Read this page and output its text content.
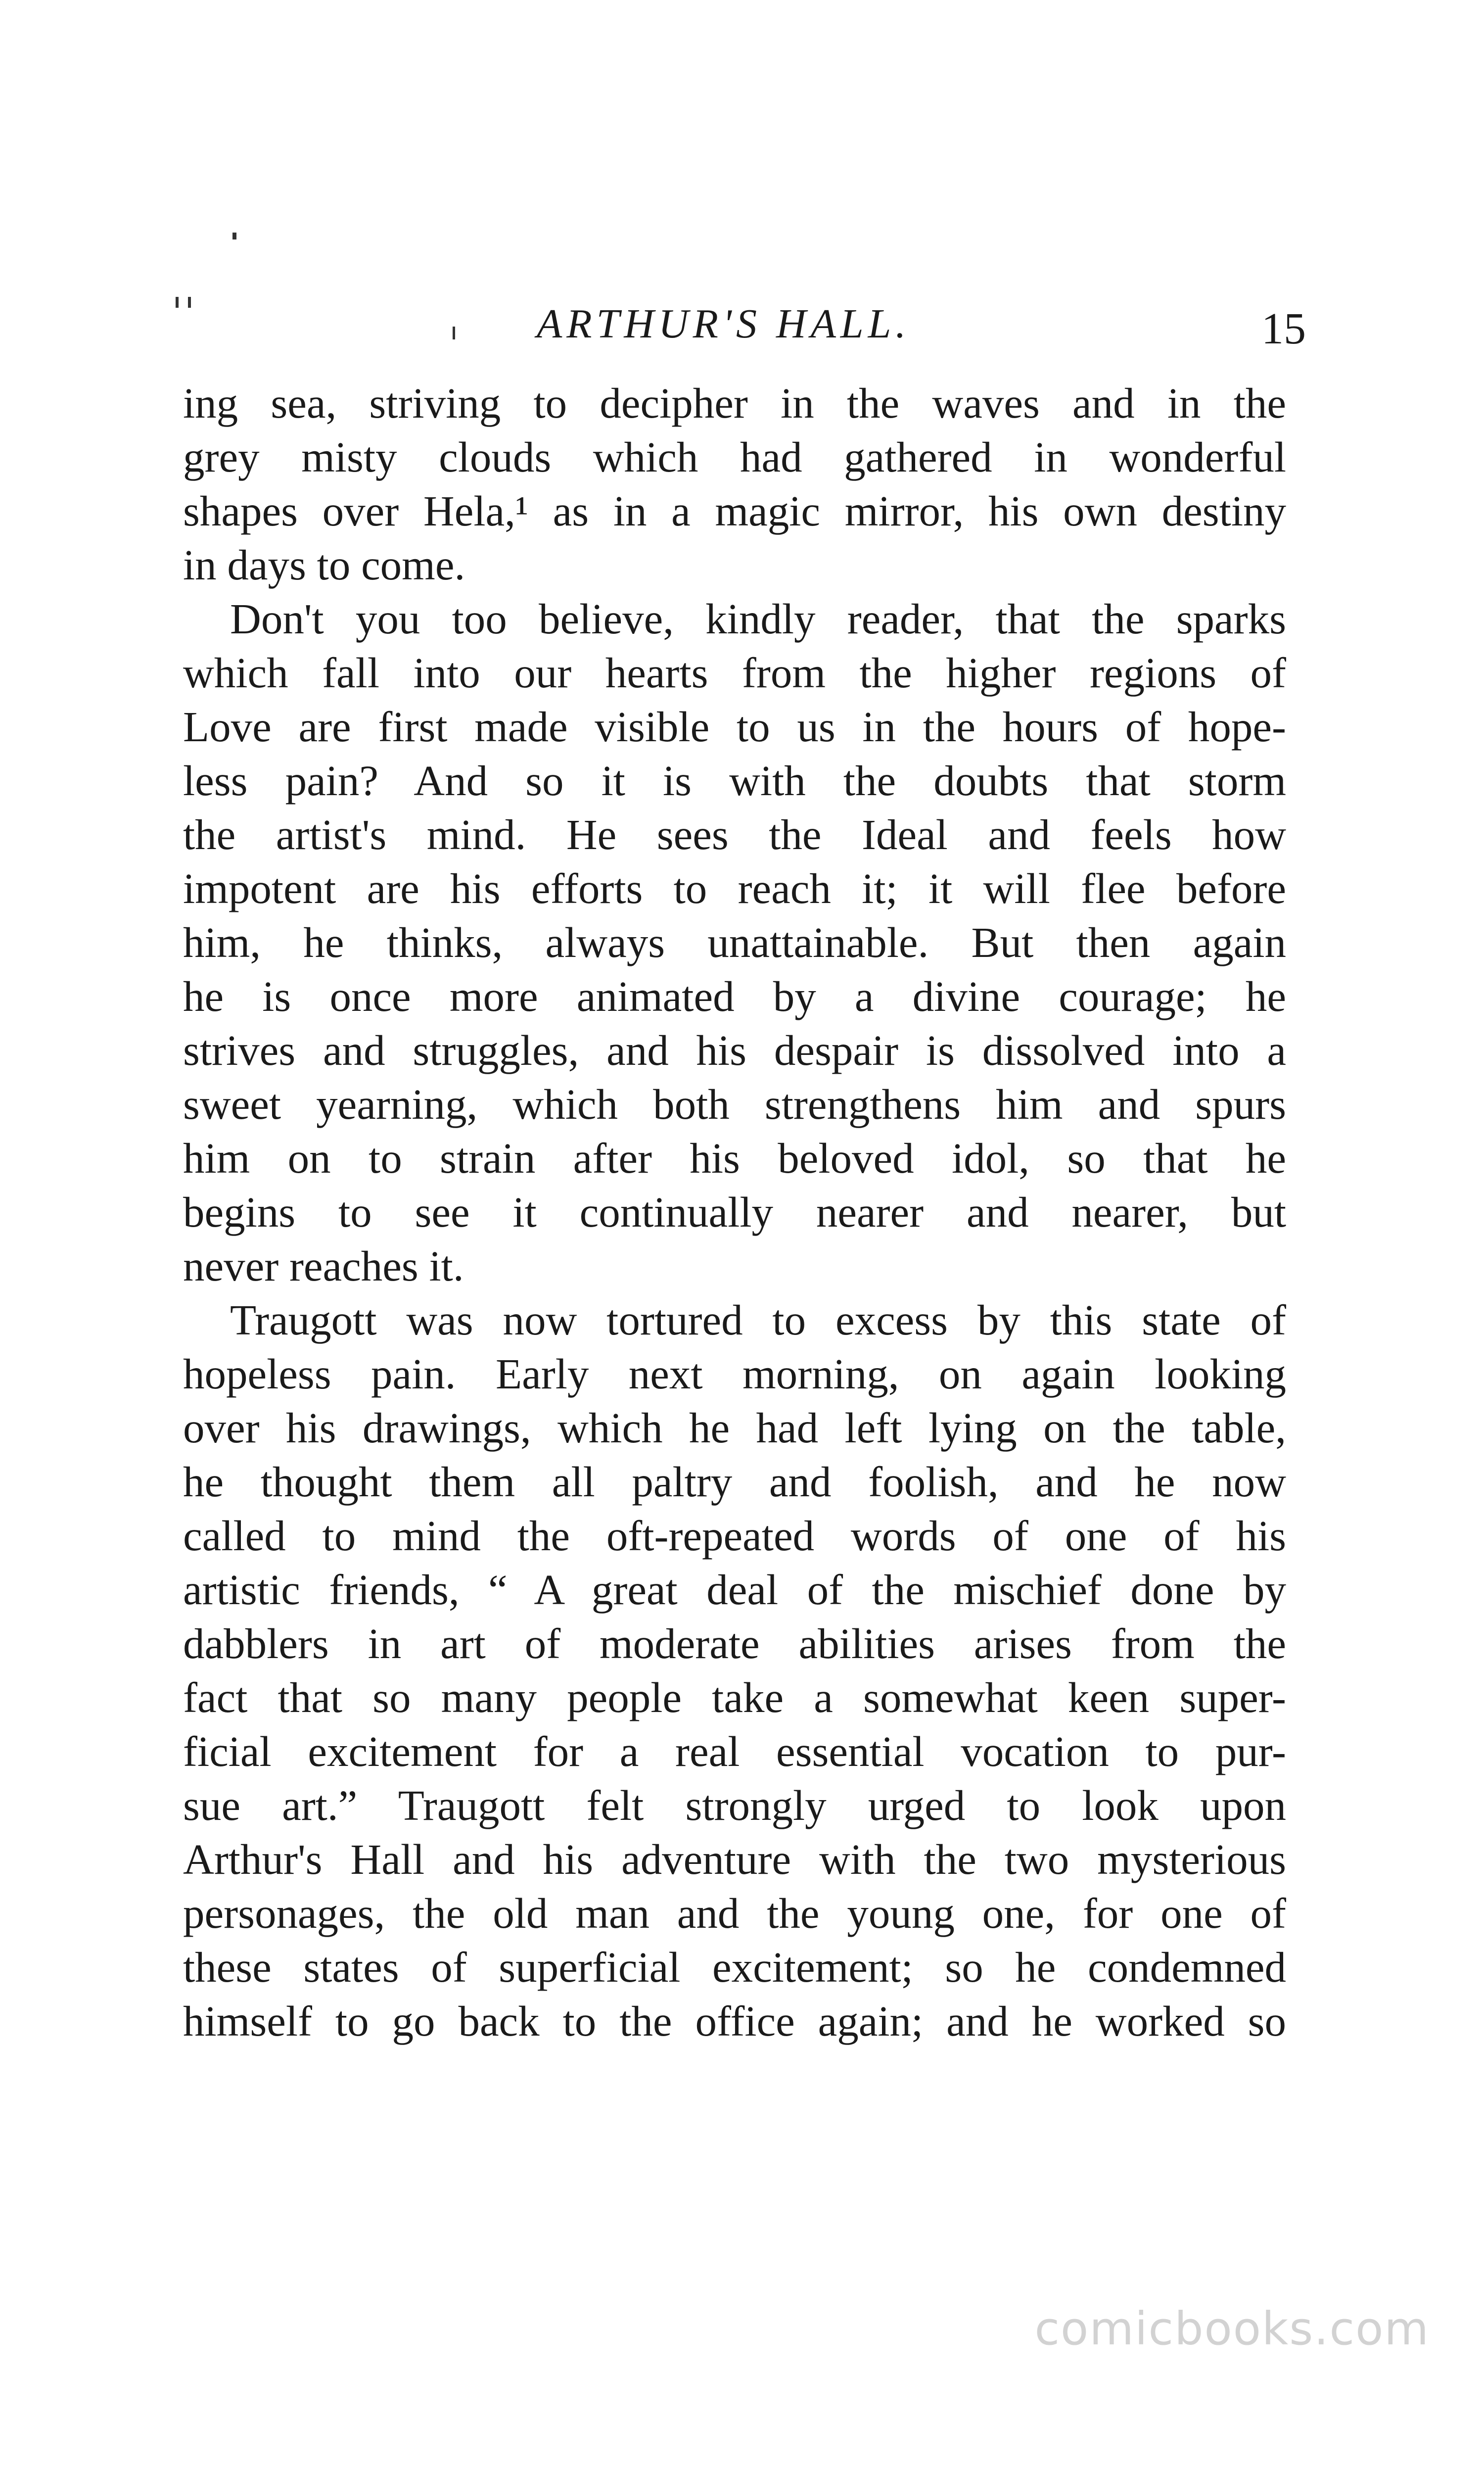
ARTHUR'S HALL.	15
ing sea, striving to decipher in the waves and in the
grey misty clouds which had gathered in wonderful
shapes over Hela,¹ as in a magic mirror, his own destiny
in days to come.
Don't you too believe, kindly reader, that the sparks
which fall into our hearts from the higher regions of
Love are first made visible to us in the hours of hope-
less pain? And so it is with the doubts that storm
the artist's mind. He sees the Ideal and feels how
impotent are his efforts to reach it; it will flee before
him, he thinks, always unattainable. But then again
he is once more animated by a divine courage; he
strives and struggles, and his despair is dissolved into a
sweet yearning, which both strengthens him and spurs
him on to strain after his beloved idol, so that he
begins to see it continually nearer and nearer, but
never reaches it.
Traugott was now tortured to excess by this state of
hopeless pain. Early next morning, on again looking
over his drawings, which he had left lying on the table,
he thought them all paltry and foolish, and he now
called to mind the oft-repeated words of one of his
artistic friends, “ A great deal of the mischief done by
dabblers in art of moderate abilities arises from the
fact that so many people take a somewhat keen super-
ficial excitement for a real essential vocation to pur-
sue art.” Traugott felt strongly urged to look upon
Arthur's Hall and his adventure with the two mysterious
personages, the old man and the young one, for one of
these states of superficial excitement; so he condemned
himself to go back to the office again; and he worked so
comicbooks.com
